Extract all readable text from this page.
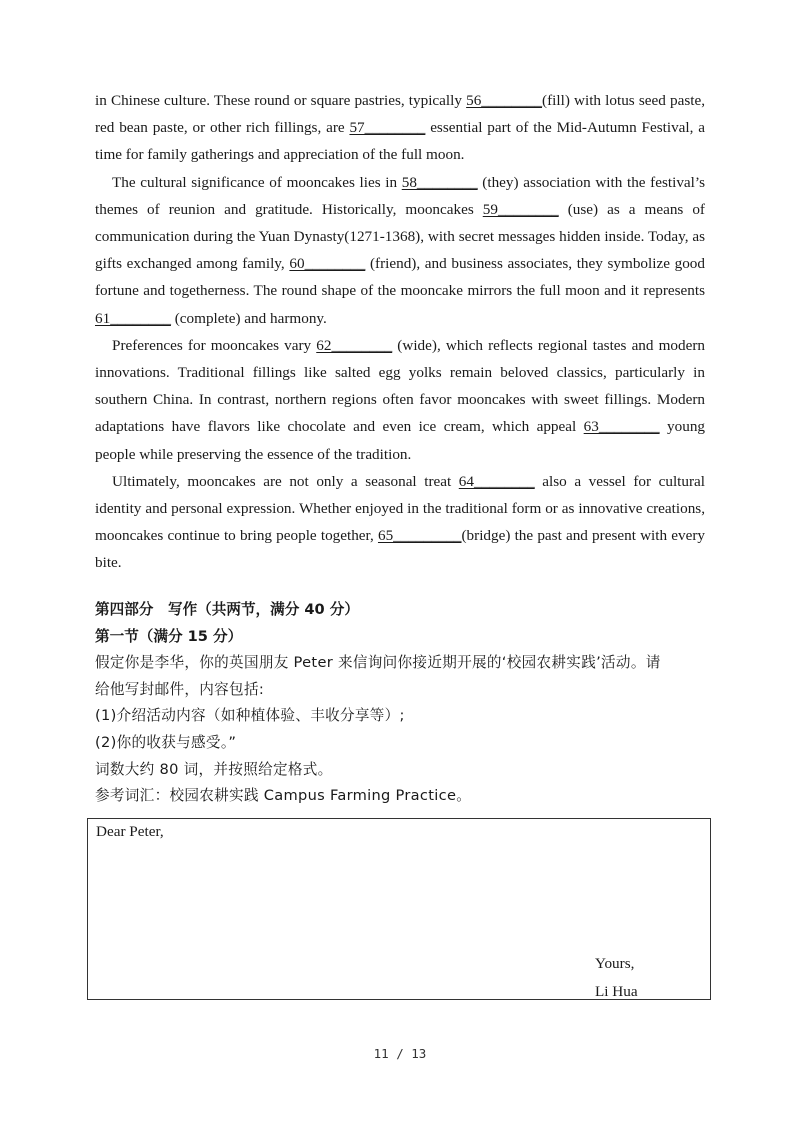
in Chinese culture. These round or square pastries, typically 56________(fill) with lotus seed paste, red bean paste, or other rich fillings, are 57________ essential part of the Mid-Autumn Festival, a time for family gatherings and appreciation of the full moon.

The cultural significance of mooncakes lies in 58________ (they) association with the festival’s themes of reunion and gratitude. Historically, mooncakes 59________ (use) as a means of communication during the Yuan Dynasty(1271-1368), with secret messages hidden inside. Today, as gifts exchanged among family, 60________ (friend), and business associates, they symbolize good fortune and togetherness. The round shape of the mooncake mirrors the full moon and it represents 61________ (complete) and harmony.

Preferences for mooncakes vary 62________ (wide), which reflects regional tastes and modern innovations. Traditional fillings like salted egg yolks remain beloved classics, particularly in southern China. In contrast, northern regions often favor mooncakes with sweet fillings. Modern adaptations have flavors like chocolate and even ice cream, which appeal 63________ young people while preserving the essence of the tradition.

Ultimately, mooncakes are not only a seasonal treat 64________ also a vessel for cultural identity and personal expression. Whether enjoyed in the traditional form or as innovative creations, mooncakes continue to bring people together, 65_________(bridge) the past and present with every bite.

第四部分　写作（共两节，满分 40 分）

第一节（满分 15 分）

假定你是李华，你的英国朋友 Peter 来信询问你接近期开展的‘校园农耕实践’活动。请

给他写封邮件，内容包括:

(1)介绍活动内容（如种植体验、丰收分享等）;

(2)你的收获与感受。”

词数大约 80 词，并按照给定格式。

参考词汇：校园农耕实践 Campus Farming Practice。

Dear Peter,
Yours,
Li Hua
11 / 13
